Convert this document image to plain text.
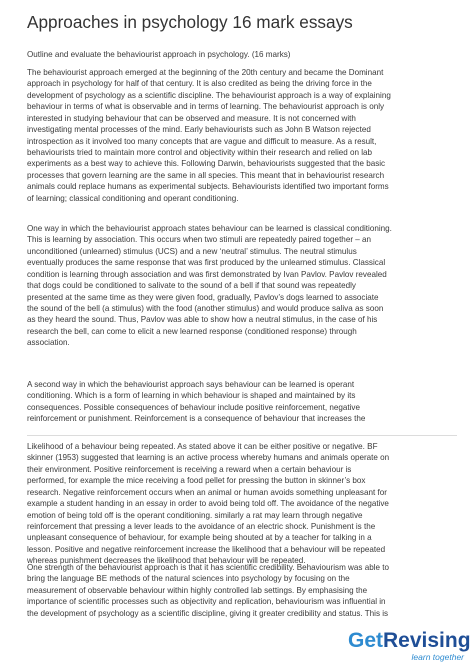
Approaches in psychology 16 mark essays
Outline and evaluate the behaviourist approach in psychology. (16 marks)
The behaviourist approach emerged at the beginning of the 20th century and became the Dominant
approach in psychology for half of that century. It is also credited as being the driving force in the
development of psychology as a scientific discipline. The behaviourist approach is a way of explaining
behaviour in terms of what is observable and in terms of learning. The behaviourist approach is only
interested in studying behaviour that can be observed and measure. It is not concerned with
investigating mental processes of the mind. Early behaviourists such as John B Watson rejected
introspection as it involved too many concepts that are vague and difficult to measure. As a result,
behaviourists tried to maintain more control and objectivity within their research and relied on lab
experiments as a best way to achieve this. Following Darwin, behaviourists suggested that the basic
processes that govern learning are the same in all species. This meant that in behaviourist research
animals could replace humans as experimental subjects. Behaviourists identified two important forms
of learning; classical conditioning and operant conditioning.
One way in which the behaviourist approach states behaviour can be learned is classical conditioning.
This is learning by association. This occurs when two stimuli are repeatedly paired together – an
unconditioned (unlearned) stimulus (UCS) and a new ‘neutral’ stimulus. The neutral stimulus
eventually produces the same response that was first produced by the unlearned stimulus. Classical
condition is learning through association and was first demonstrated by Ivan Pavlov. Pavlov revealed
that dogs could be conditioned to salivate to the sound of a bell if that sound was repeatedly
presented at the same time as they were given food, gradually, Pavlov’s dogs learned to associate
the sound of the bell (a stimulus) with the food (another stimulus) and would produce saliva as soon
as they heard the sound. Thus, Pavlov was able to show how a neutral stimulus, in the case of his
research the bell, can come to elicit a new learned response (conditioned response) through
association.
A second way in which the behaviourist approach says behaviour can be learned is operant
conditioning. Which is a form of learning in which behaviour is shaped and maintained by its
consequences. Possible consequences of behaviour include positive reinforcement, negative
reinforcement or punishment. Reinforcement is a consequence of behaviour that increases the
Likelihood of a behaviour being repeated. As stated above it can be either positive or negative. BF
skinner (1953) suggested that learning is an active process whereby humans and animals operate on
their environment. Positive reinforcement is receiving a reward when a certain behaviour is
performed, for example the mice receiving a food pellet for pressing the button in skinner’s box
research. Negative reinforcement occurs when an animal or human avoids something unpleasant for
example a student handing in an essay in order to avoid being told off. The avoidance of the negative
emotion of being told off is the operant conditioning. similarly a rat may learn through negative
reinforcement that pressing a lever leads to the avoidance of an electric shock. Punishment is the
unpleasant consequence of behaviour, for example being shouted at by a teacher for talking in a
lesson. Positive and negative reinforcement increase the likelihood that a behaviour will be repeated
whereas punishment decreases the likelihood that behaviour will be repeated.
One strength of the behaviourist approach is that it has scientific credibility. Behaviourism was able to
bring the language BE methods of the natural sciences into psychology by focusing on the
measurement of observable behaviour within highly controlled lab settings. By emphasising the
importance of scientific processes such as objectivity and replication, behaviourism was influential in
the development of psychology as a scientific discipline, giving it greater credibility and status. This is
GetRevising
learn together
